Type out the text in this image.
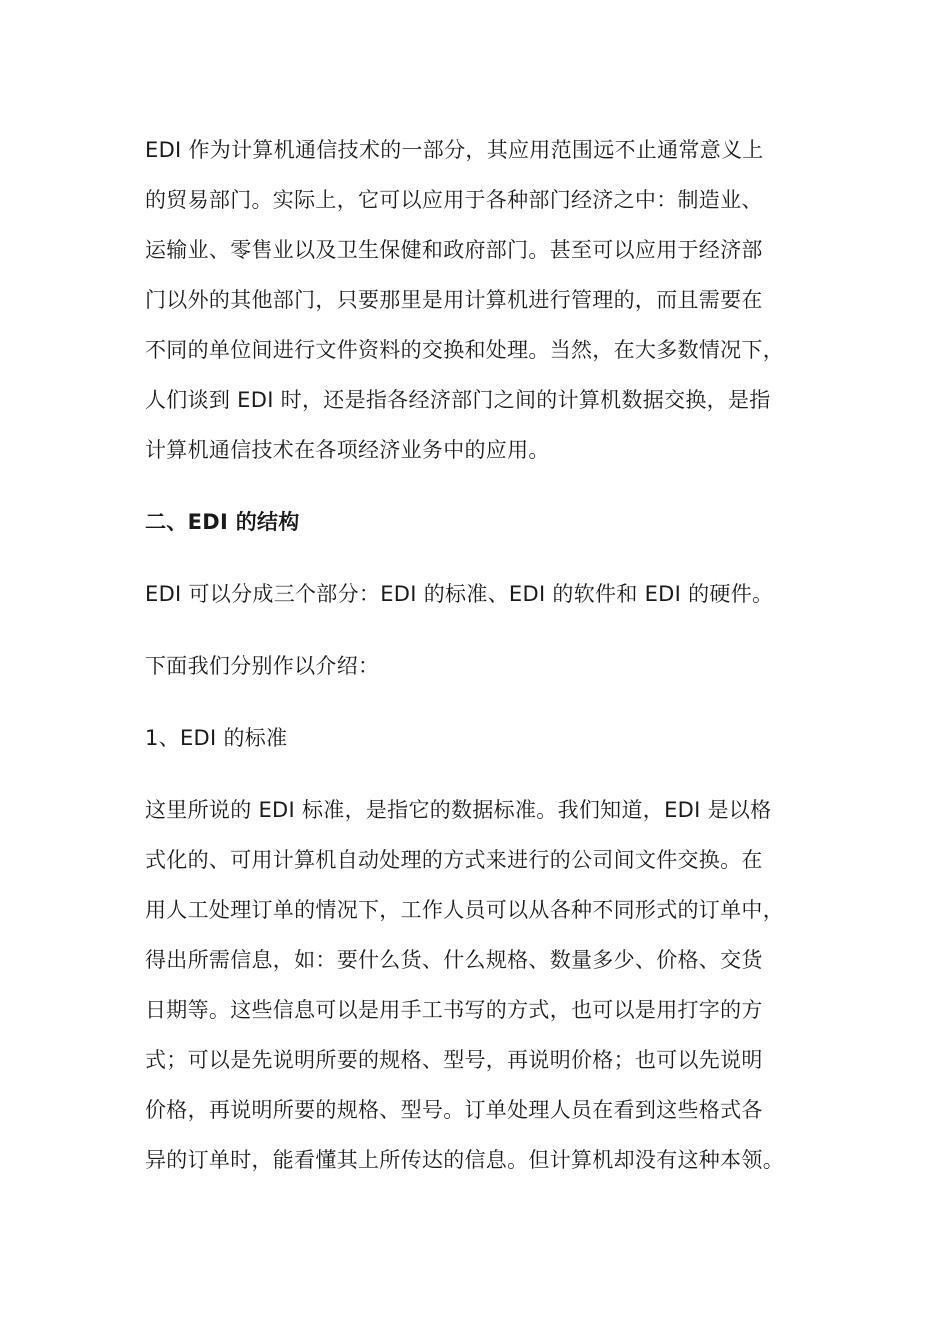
EDI 作为计算机通信技术的一部分，其应用范围远不止通常意义上
的贸易部门。实际上，它可以应用于各种部门经济之中：制造业、
运输业、零售业以及卫生保健和政府部门。甚至可以应用于经济部
门以外的其他部门，只要那里是用计算机进行管理的，而且需要在
不同的单位间进行文件资料的交换和处理。当然，在大多数情况下，
人们谈到 EDI 时，还是指各经济部门之间的计算机数据交换，是指
计算机通信技术在各项经济业务中的应用。
二、EDI 的结构
EDI 可以分成三个部分：EDI 的标准、EDI 的软件和 EDI 的硬件。
下面我们分别作以介绍：
1、EDI 的标准
这里所说的 EDI 标准，是指它的数据标准。我们知道，EDI 是以格
式化的、可用计算机自动处理的方式来进行的公司间文件交换。在
用人工处理订单的情况下，工作人员可以从各种不同形式的订单中，
得出所需信息，如：要什么货、什么规格、数量多少、价格、交货
日期等。这些信息可以是用手工书写的方式，也可以是用打字的方
式；可以是先说明所要的规格、型号，再说明价格；也可以先说明
价格，再说明所要的规格、型号。订单处理人员在看到这些格式各
异的订单时，能看懂其上所传达的信息。但计算机却没有这种本领。
